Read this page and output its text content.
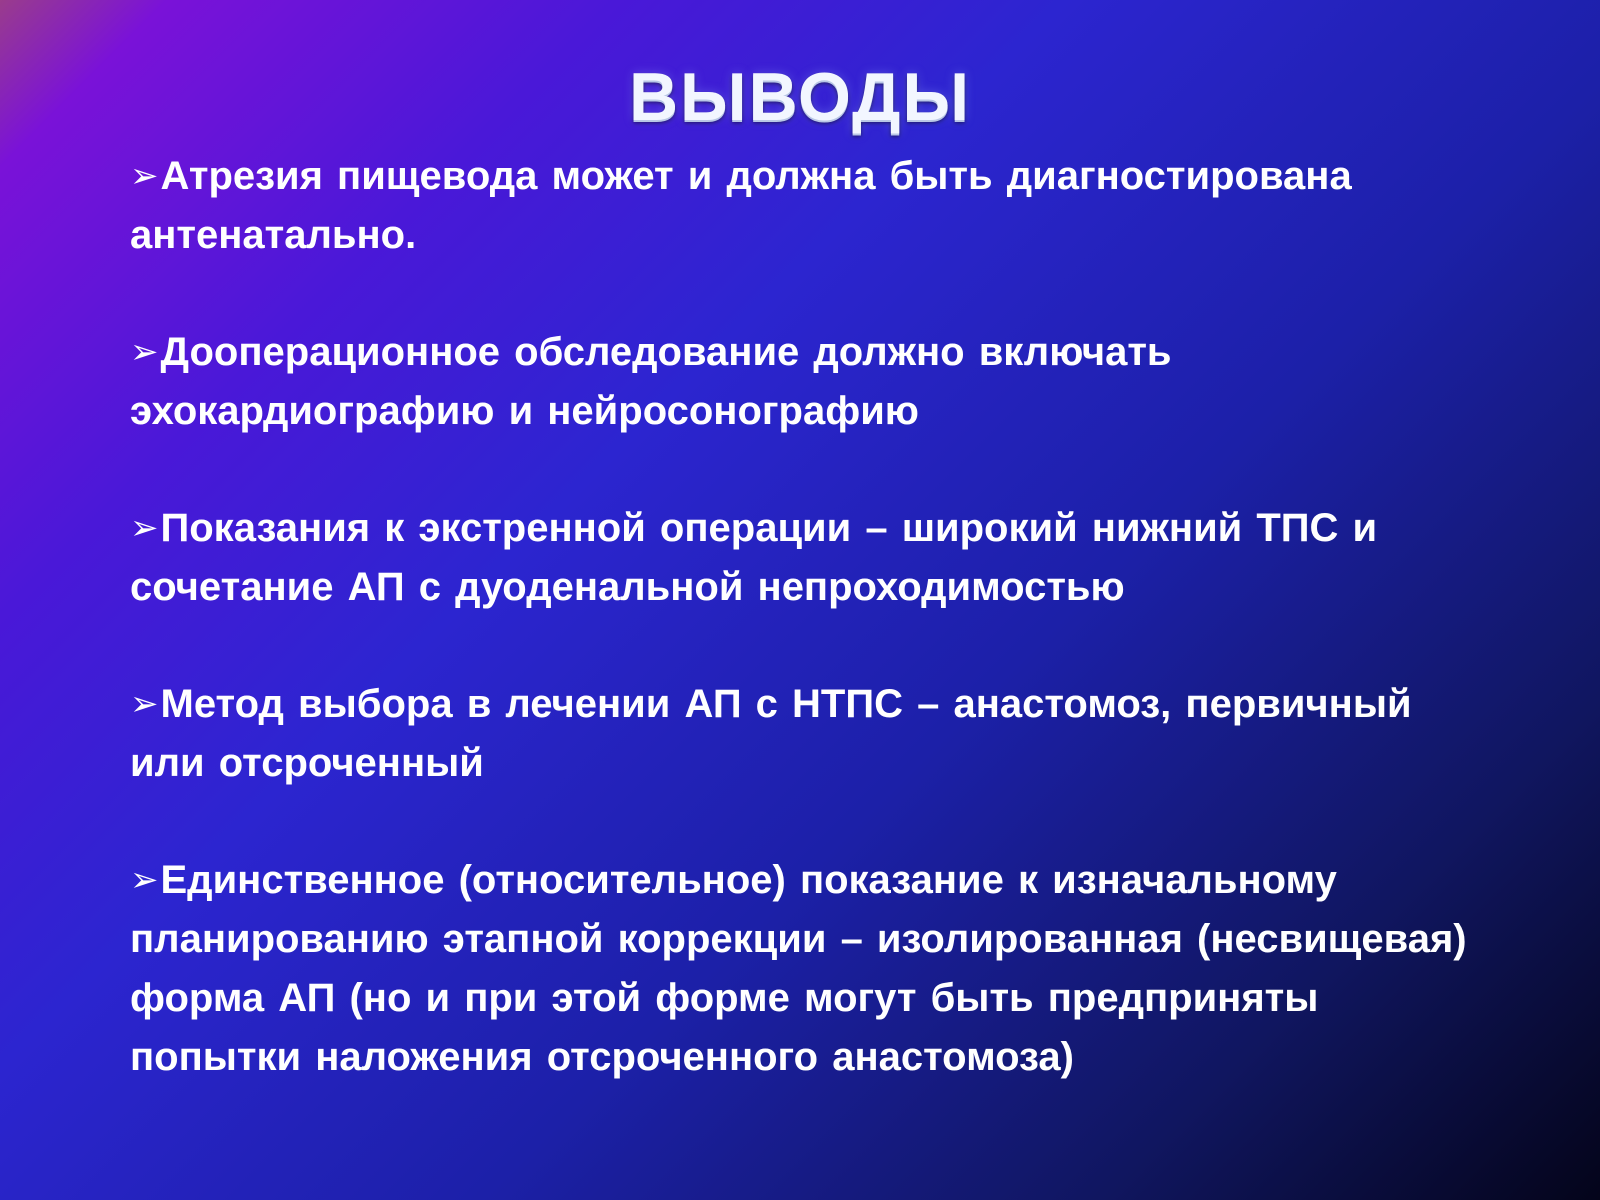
ВЫВОДЫ
➢Атрезия пищевода может и должна быть диагностирована антенатально.
➢Дооперационное обследование должно включать эхокардиографию и нейросонографию
➢Показания к экстренной операции – широкий нижний ТПС и сочетание АП с дуоденальной непроходимостью
➢Метод выбора в лечении АП с НТПС – анастомоз, первичный или отсроченный
➢Единственное (относительное) показание к изначальному планированию этапной коррекции – изолированная (несвищевая) форма АП (но и при этой форме могут быть предприняты попытки наложения отсроченного анастомоза)
